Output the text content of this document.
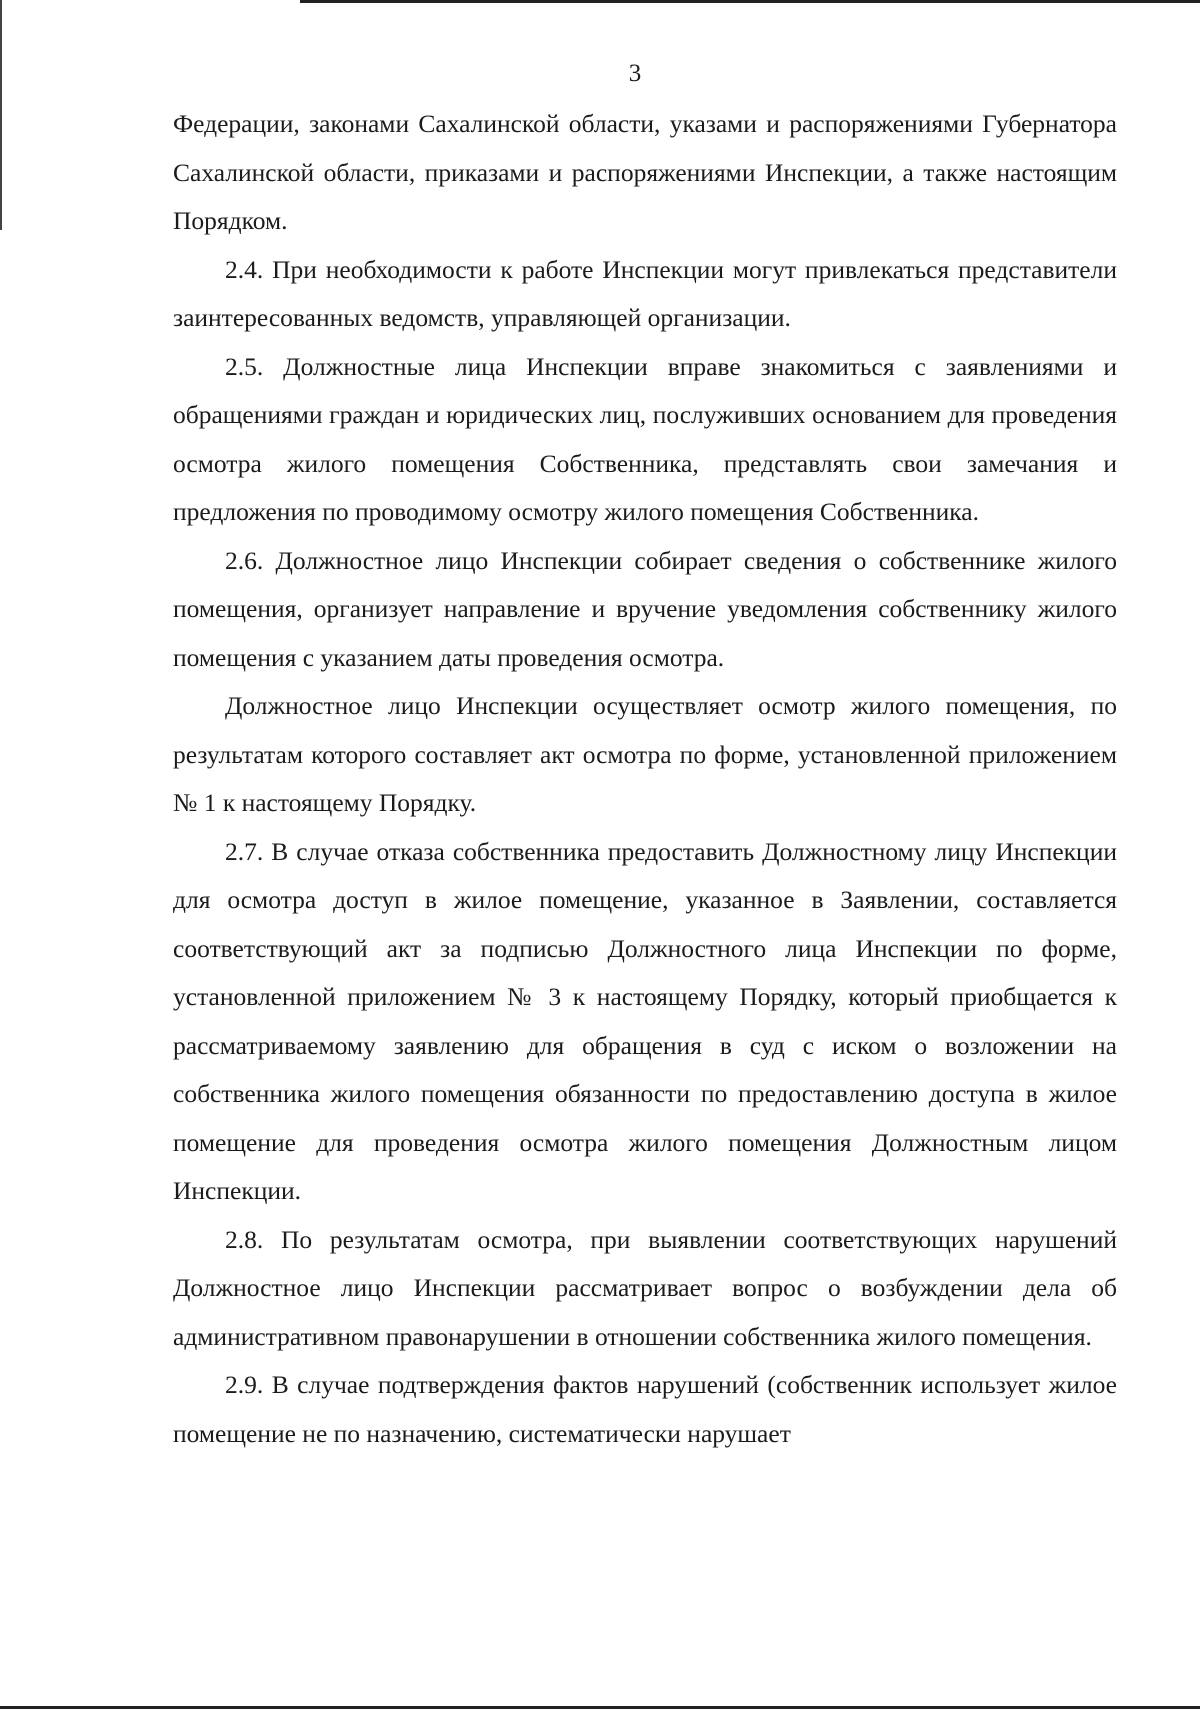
3

Федерации, законами Сахалинской области, указами и распоряжениями Губернатора Сахалинской области, приказами и распоряжениями Инспекции, а также настоящим Порядком.

2.4. При необходимости к работе Инспекции могут привлекаться представители заинтересованных ведомств, управляющей организации.

2.5. Должностные лица Инспекции вправе знакомиться с заявлениями и обращениями граждан и юридических лиц, послуживших основанием для проведения осмотра жилого помещения Собственника, представлять свои замечания и предложения по проводимому осмотру жилого помещения Собственника.

2.6. Должностное лицо Инспекции собирает сведения о собственнике жилого помещения, организует направление и вручение уведомления собственнику жилого помещения с указанием даты проведения осмотра.

Должностное лицо Инспекции осуществляет осмотр жилого помещения, по результатам которого составляет акт осмотра по форме, установленной приложением № 1 к настоящему Порядку.

2.7. В случае отказа собственника предоставить Должностному лицу Инспекции для осмотра доступ в жилое помещение, указанное в Заявлении, составляется соответствующий акт за подписью Должностного лица Инспекции по форме, установленной приложением № 3 к настоящему Порядку, который приобщается к рассматриваемому заявлению для обращения в суд с иском о возложении на собственника жилого помещения обязанности по предоставлению доступа в жилое помещение для проведения осмотра жилого помещения Должностным лицом Инспекции.

2.8. По результатам осмотра, при выявлении соответствующих нарушений Должностное лицо Инспекции рассматривает вопрос о возбуждении дела об административном правонарушении в отношении собственника жилого помещения.

2.9. В случае подтверждения фактов нарушений (собственник использует жилое помещение не по назначению, систематически нарушает
